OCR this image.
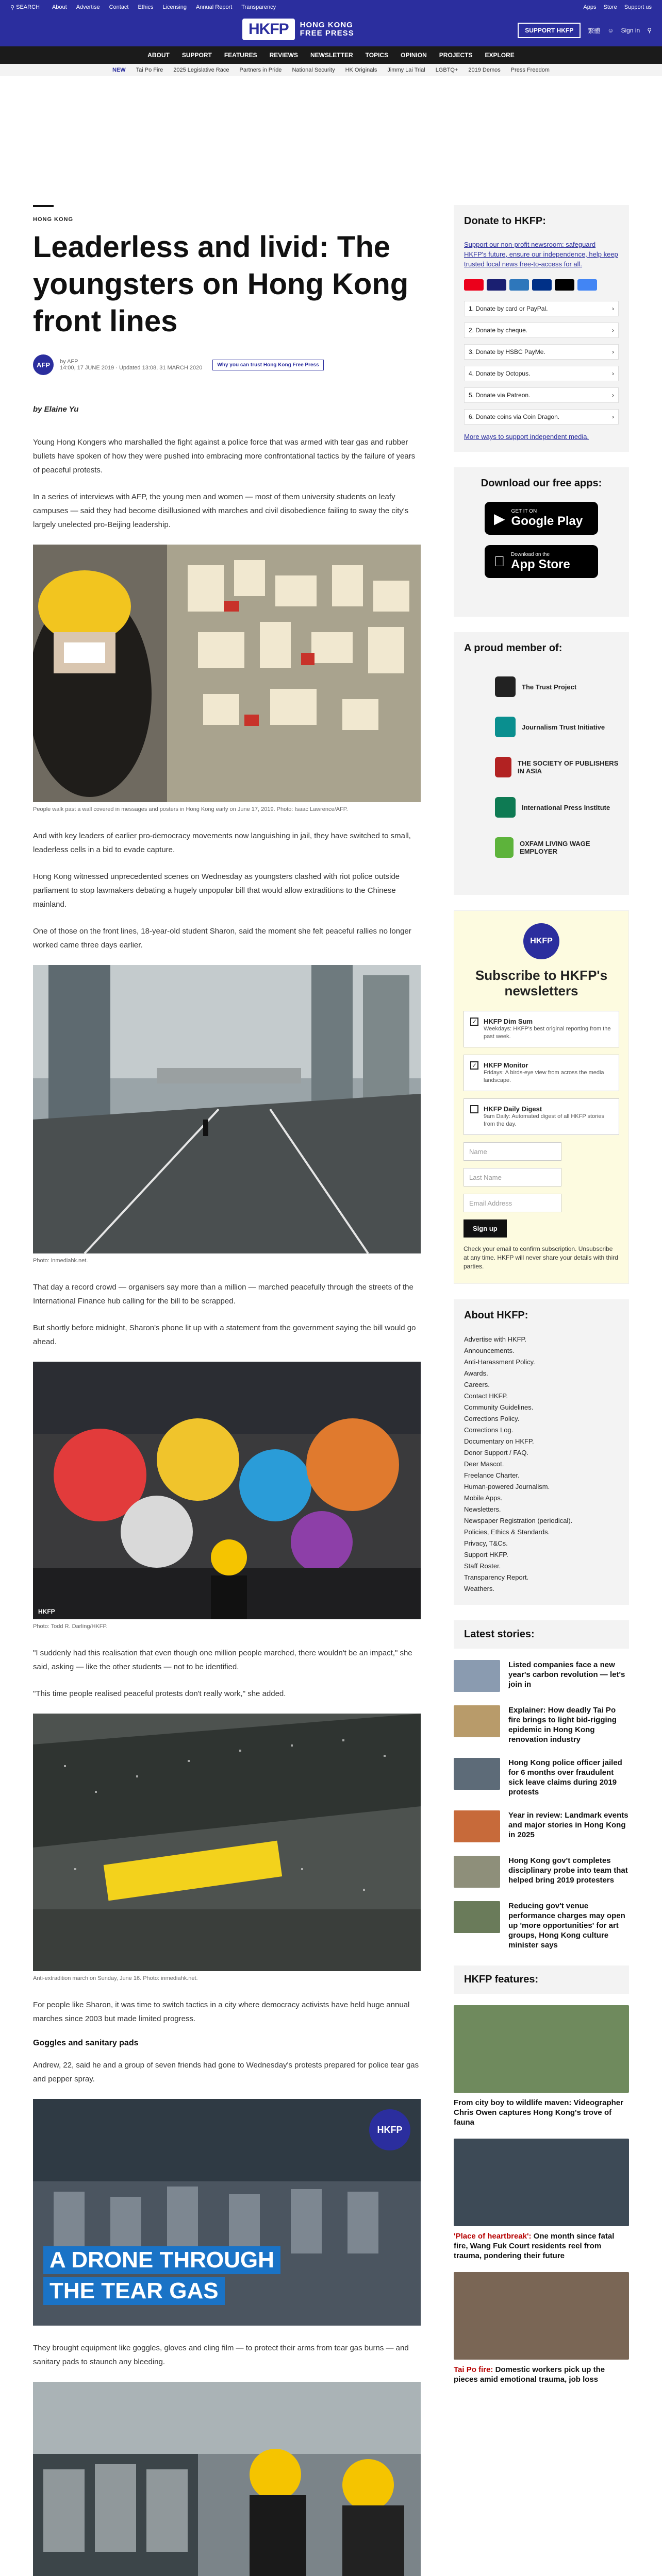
⚲ SEARCH About Advertise Contact Ethics Licensing Annual Report Transparency	Apps Store Support us
HKFP	HONG KONG
FREE PRESS	SUPPORT HKFP	繁體 ☺ Sign in ⚲
ABOUT SUPPORT FEATURES REVIEWS NEWSLETTER TOPICS OPINION PROJECTS EXPLORE
NEW Tai Po Fire 2025 Legislative Race Partners in Pride National Security HK Originals Jimmy Lai Trial LGBTQ+ 2019 Demos Press Freedom
HONG KONG
Leaderless and livid: The youngsters on Hong Kong front lines
AFP	by AFP
14:00, 17 JUNE 2019 · Updated 13:08, 31 MARCH 2020	Why you can trust Hong Kong Free Press
by Elaine Yu

Young Hong Kongers who marshalled the fight against a police force that was armed with tear gas and rubber bullets have spoken of how they were pushed into embracing more confrontational tactics by the failure of years of peaceful protests.

In a series of interviews with AFP, the young men and women — most of them university students on leafy campuses — said they had become disillusioned with marches and civil disobedience failing to sway the city's largely unelected pro-Beijing leadership.

People walk past a wall covered in messages and posters in Hong Kong early on June 17, 2019. Photo: Isaac Lawrence/AFP.

And with key leaders of earlier pro-democracy movements now languishing in jail, they have switched to small, leaderless cells in a bid to evade capture.

Hong Kong witnessed unprecedented scenes on Wednesday as youngsters clashed with riot police outside parliament to stop lawmakers debating a hugely unpopular bill that would allow extraditions to the Chinese mainland.

One of those on the front lines, 18-year-old student Sharon, said the moment she felt peaceful rallies no longer worked came three days earlier.

Photo: inmediahk.net.

That day a record crowd — organisers say more than a million — marched peacefully through the streets of the International Finance hub calling for the bill to be scrapped.

But shortly before midnight, Sharon's phone lit up with a statement from the government saying the bill would go ahead.

HKFP
Photo: Todd R. Darling/HKFP.

"I suddenly had this realisation that even though one million people marched, there wouldn't be an impact," she said, asking — like the other students — not to be identified.

"This time people realised peaceful protests don't really work," she added.

Anti-extradition march on Sunday, June 16. Photo: inmediahk.net.

For people like Sharon, it was time to switch tactics in a city where democracy activists have held huge annual marches since 2003 but made limited progress.

Goggles and sanitary pads

Andrew, 22, said he and a group of seven friends had gone to Wednesday's protests prepared for police tear gas and pepper spray.

HKFP
A DRONE THROUGH
THE TEAR GAS

They brought equipment like goggles, gloves and cling film — to protect their arms from tear gas burns — and sanitary pads to staunch any bleeding.

Donate to HKFP:
Support our non-profit newsroom: safeguard HKFP's future, ensure our independence, help keep trusted local news free-to-access for all.
1. Donate by card or PayPal.	›
2. Donate by cheque.	›
3. Donate by HSBC PayMe.	›
4. Donate by Octopus.	›
5. Donate via Patreon.	›
6. Donate coins via Coin Dragon.	›
More ways to support independent media.
Download our free apps:
▶ GET IT ON
Google Play
Download on the
App Store
A proud member of:
The Trust Project
Journalism Trust Initiative
THE SOCIETY OF PUBLISHERS IN ASIA
International Press Institute
OXFAM LIVING WAGE EMPLOYER
HKFP
Subscribe to HKFP's newsletters
✓ HKFP Dim Sum
Weekdays: HKFP's best original reporting from the past week.
✓ HKFP Monitor
Fridays: A birds-eye view from across the media landscape.
HKFP Daily Digest
9am Daily: Automated digest of all HKFP stories from the day.
Name
Last Name
Email Address
Sign up
Check your email to confirm subscription. Unsubscribe at any time. HKFP will never share your details with third parties.
About HKFP:
Advertise with HKFP.
Announcements.
Anti-Harassment Policy.
Awards.
Careers.
Contact HKFP.
Community Guidelines.
Corrections Policy.
Corrections Log.
Documentary on HKFP.
Donor Support / FAQ.
Deer Mascot.
Freelance Charter.
Human-powered Journalism.
Mobile Apps.
Newsletters.
Newspaper Registration (periodical).
Policies, Ethics & Standards.
Privacy, T&Cs.
Support HKFP.
Staff Roster.
Transparency Report.
Weathers.
Latest stories:
Listed companies face a new year's carbon revolution — let's join in
Explainer: How deadly Tai Po fire brings to light bid-rigging epidemic in Hong Kong renovation industry
Hong Kong police officer jailed for 6 months over fraudulent sick leave claims during 2019 protests
Year in review: Landmark events and major stories in Hong Kong in 2025
Hong Kong gov't completes disciplinary probe into team that helped bring 2019 protesters
Reducing gov't venue performance charges may open up 'more opportunities' for art groups, Hong Kong culture minister says
HKFP features:
From city boy to wildlife maven: Videographer Chris Owen captures Hong Kong's trove of fauna
'Place of heartbreak': One month since fatal fire, Wang Fuk Court residents reel from trauma, pondering their future
Tai Po fire: Domestic workers pick up the pieces amid emotional trauma, job loss
